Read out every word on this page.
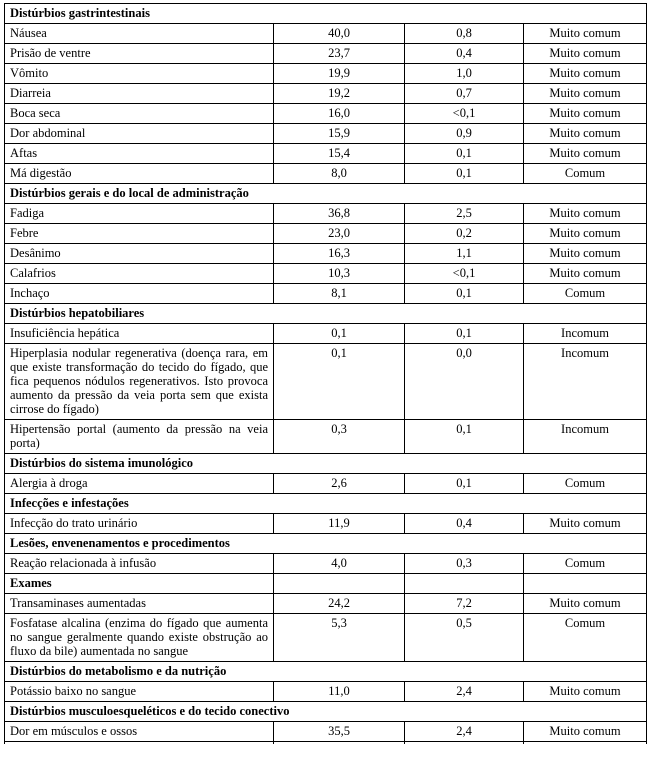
Distúrbios gastrintestinais			
Náusea	40,0	0,8	Muito comum
Prisão de ventre	23,7	0,4	Muito comum
Vômito	19,9	1,0	Muito comum
Diarreia	19,2	0,7	Muito comum
Boca seca	16,0	<0,1	Muito comum
Dor abdominal	15,9	0,9	Muito comum
Aftas	15,4	0,1	Muito comum
Má digestão	8,0	0,1	Comum
Distúrbios gerais e do local de administração			
Fadiga	36,8	2,5	Muito comum
Febre	23,0	0,2	Muito comum
Desânimo	16,3	1,1	Muito comum
Calafrios	10,3	<0,1	Muito comum
Inchaço	8,1	0,1	Comum
Distúrbios hepatobiliares			
Insuficiência hepática	0,1	0,1	Incomum
Hiperplasia nodular regenerativa (doença rara, em que existe transformação do tecido do fígado, que fica pequenos nódulos regenerativos. Isto provoca aumento da pressão da veia porta sem que exista cirrose do fígado)	0,1	0,0	Incomum
Hipertensão portal (aumento da pressão na veia porta)	0,3	0,1	Incomum
Distúrbios do sistema imunológico			
Alergia à droga	2,6	0,1	Comum
Infecções e infestações			
Infecção do trato urinário	11,9	0,4	Muito comum
Lesões, envenenamentos e procedimentos			
Reação relacionada à infusão	4,0	0,3	Comum
Exames			
Transaminases aumentadas	24,2	7,2	Muito comum
Fosfatase alcalina (enzima do fígado que aumenta no sangue geralmente quando existe obstrução ao fluxo da bile) aumentada no sangue	5,3	0,5	Comum
Distúrbios do metabolismo e da nutrição			
Potássio baixo no sangue	11,0	2,4	Muito comum
Distúrbios musculoesqueléticos e do tecido conectivo			
Dor em músculos e ossos	35,5	2,4	Muito comum
